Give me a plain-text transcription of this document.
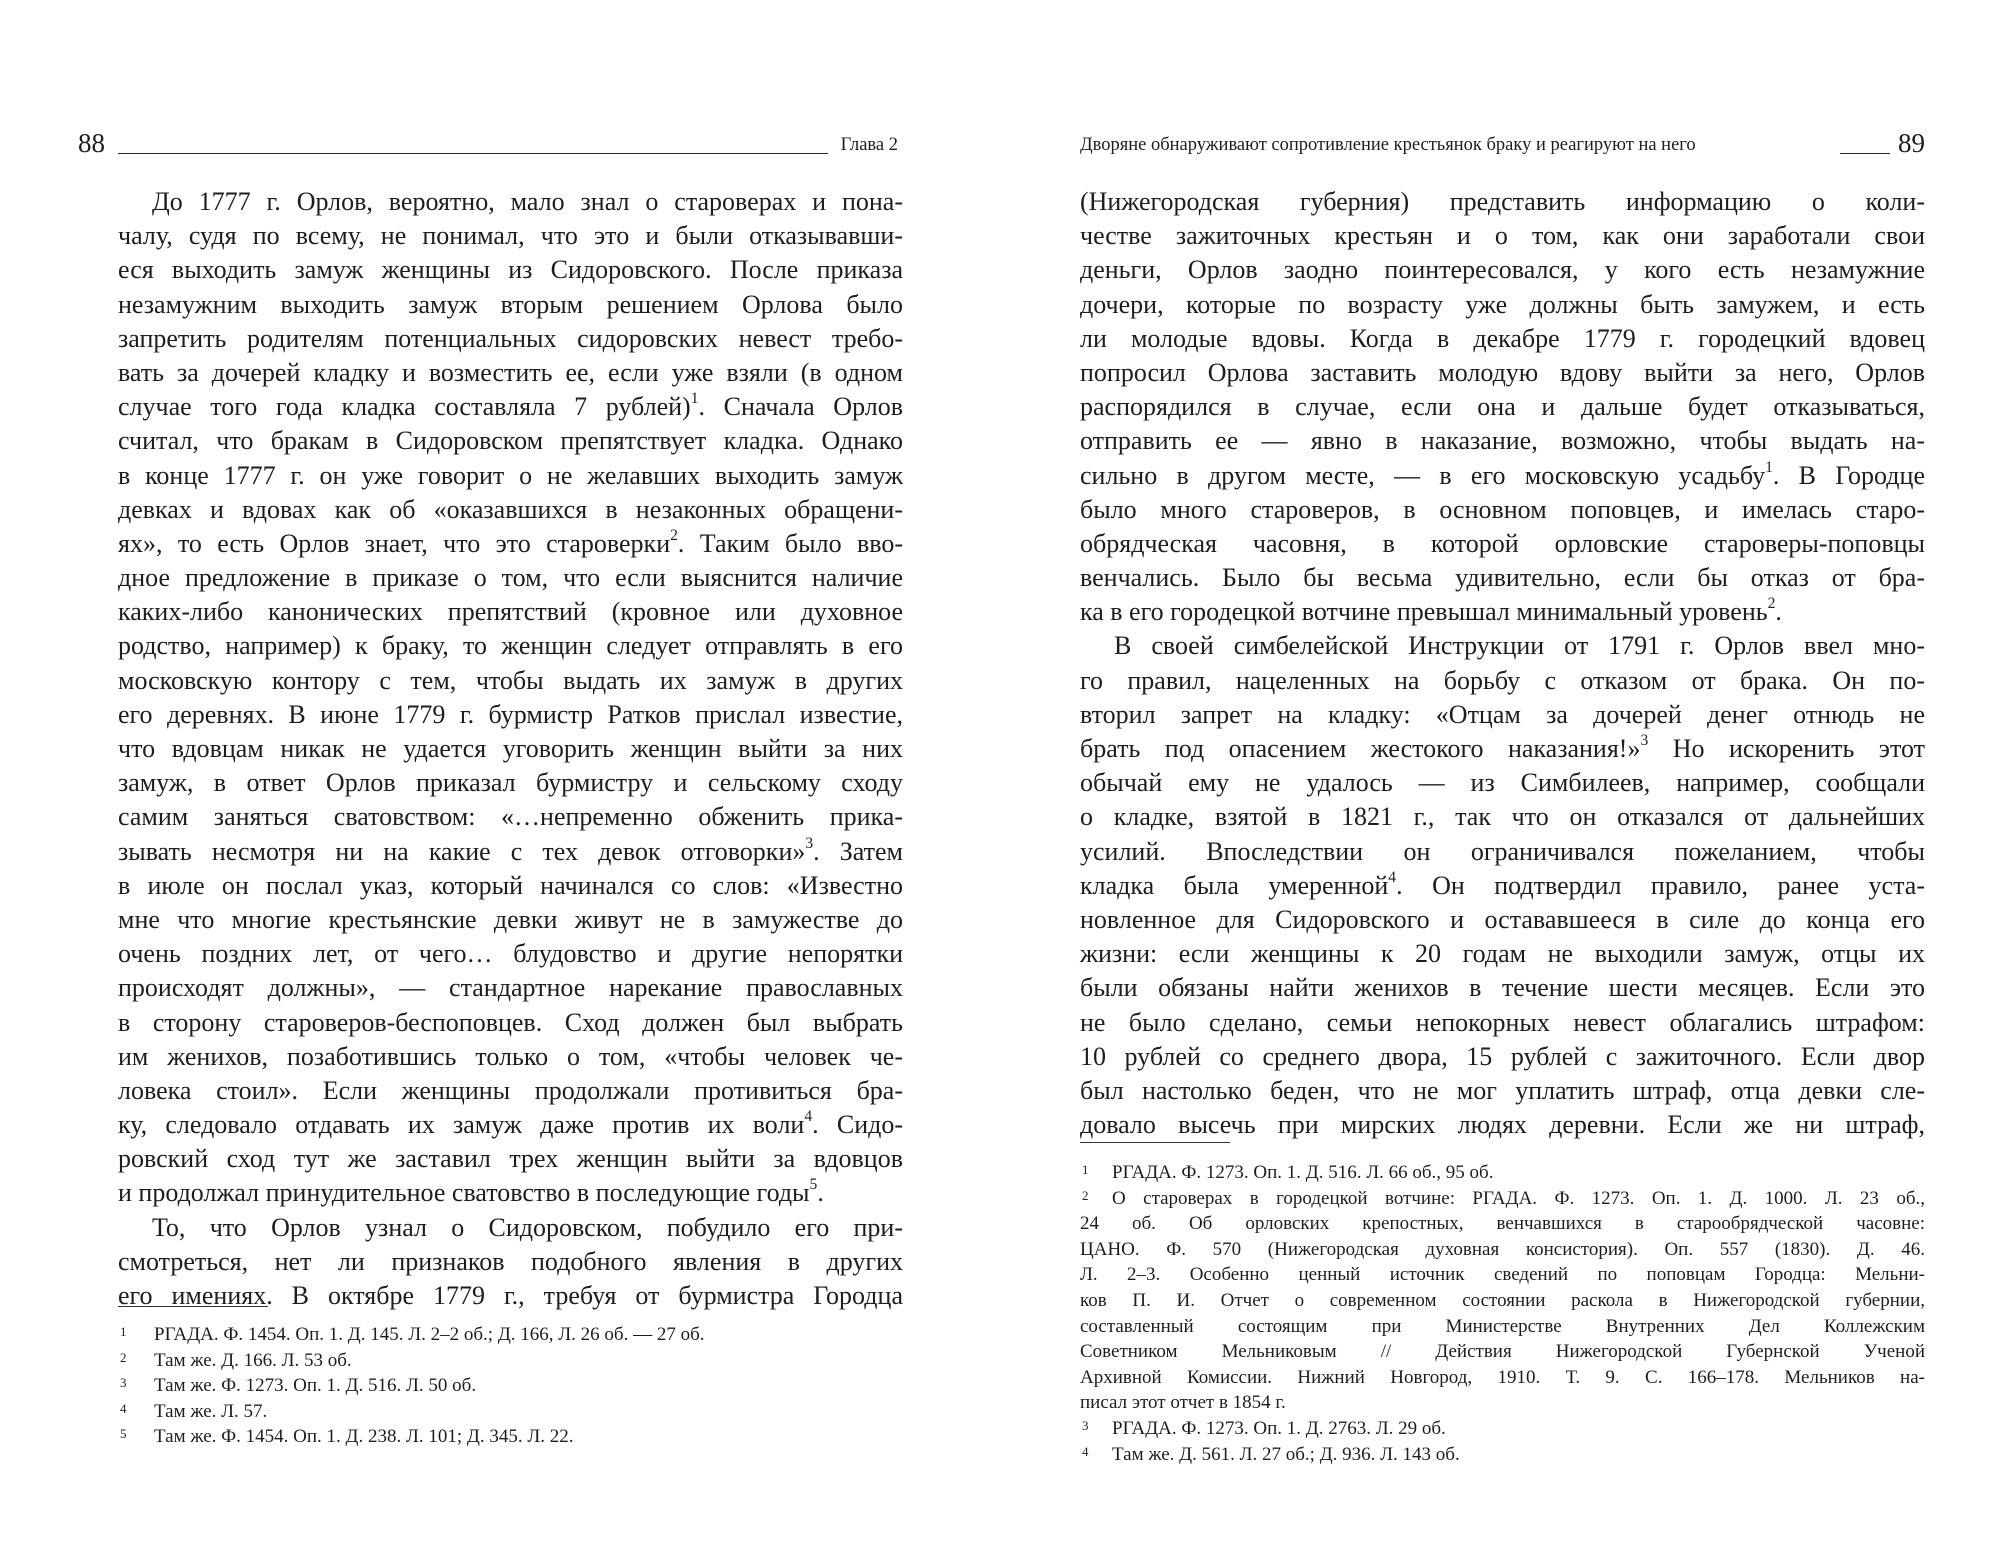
88	Глава 2
До 1777 г. Орлов, вероятно, мало знал о староверах и пона-
чалу, судя по всему, не понимал, что это и были отказывавши-
еся выходить замуж женщины из Сидоровского. После приказа
незамужним выходить замуж вторым решением Орлова было
запретить родителям потенциальных сидоровских невест требо-
вать за дочерей кладку и возместить ее, если уже взяли (в одном
случае того года кладка составляла 7 рублей)$^1$. Сначала Орлов
считал, что бракам в Сидоровском препятствует кладка. Однако
в конце 1777 г. он уже говорит о не желавших выходить замуж
девках и вдовах как об «оказавшихся в незаконных обращени-
ях», то есть Орлов знает, что это староверки$^2$. Таким было вво-
дное предложение в приказе о том, что если выяснится наличие
каких-либо канонических препятствий (кровное или духовное
родство, например) к браку, то женщин следует отправлять в его
московскую контору с тем, чтобы выдать их замуж в других
его деревнях. В июне 1779 г. бурмистр Ратков прислал известие,
что вдовцам никак не удается уговорить женщин выйти за них
замуж, в ответ Орлов приказал бурмистру и сельскому сходу
самим заняться сватовством: «…непременно обженить прика-
зывать несмотря ни на какие с тех девок отговорки»$^3$. Затем
в июле он послал указ, который начинался со слов: «Известно
мне что многие крестьянские девки живут не в замужестве до
очень поздних лет, от чего… блудовство и другие непорятки
происходят должны», — стандартное нарекание православных
в сторону староверов-беспоповцев. Сход должен был выбрать
им женихов, позаботившись только о том, «чтобы человек че-
ловека стоил». Если женщины продолжали противиться бра-
ку, следовало отдавать их замуж даже против их воли$^4$. Сидо-
ровский сход тут же заставил трех женщин выйти за вдовцов
и продолжал принудительное сватовство в последующие годы$^5$.
То, что Орлов узнал о Сидоровском, побудило его при-
смотреться, нет ли признаков подобного явления в других
его имениях. В октябре 1779 г., требуя от бурмистра Городца
1 РГАДА. Ф. 1454. Оп. 1. Д. 145. Л. 2–2 об.; Д. 166, Л. 26 об. — 27 об.
2 Там же. Д. 166. Л. 53 об.
3 Там же. Ф. 1273. Оп. 1. Д. 516. Л. 50 об.
4 Там же. Л. 57.
5 Там же. Ф. 1454. Оп. 1. Д. 238. Л. 101; Д. 345. Л. 22.
Дворяне обнаруживают сопротивление крестьянок браку и реагируют на него	89
(Нижегородская губерния) представить информацию о коли-
честве зажиточных крестьян и о том, как они заработали свои
деньги, Орлов заодно поинтересовался, у кого есть незамужние
дочери, которые по возрасту уже должны быть замужем, и есть
ли молодые вдовы. Когда в декабре 1779 г. городецкий вдовец
попросил Орлова заставить молодую вдову выйти за него, Орлов
распорядился в случае, если она и дальше будет отказываться,
отправить ее — явно в наказание, возможно, чтобы выдать на-
сильно в другом месте, — в его московскую усадьбу$^1$. В Городце
было много староверов, в основном поповцев, и имелась старо-
обрядческая часовня, в которой орловские староверы-поповцы
венчались. Было бы весьма удивительно, если бы отказ от бра-
ка в его городецкой вотчине превышал минимальный уровень$^2$.
В своей симбелейской Инструкции от 1791 г. Орлов ввел мно-
го правил, нацеленных на борьбу с отказом от брака. Он по-
вторил запрет на кладку: «Отцам за дочерей денег отнюдь не
брать под опасением жестокого наказания!»$^3$ Но искоренить этот
обычай ему не удалось — из Симбилеев, например, сообщали
о кладке, взятой в 1821 г., так что он отказался от дальнейших
усилий. Впоследствии он ограничивался пожеланием, чтобы
кладка была умеренной$^4$. Он подтвердил правило, ранее уста-
новленное для Сидоровского и остававшееся в силе до конца его
жизни: если женщины к 20 годам не выходили замуж, отцы их
были обязаны найти женихов в течение шести месяцев. Если это
не было сделано, семьи непокорных невест облагались штрафом:
10 рублей со среднего двора, 15 рублей с зажиточного. Если двор
был настолько беден, что не мог уплатить штраф, отца девки сле-
довало высечь при мирских людях деревни. Если же ни штраф,
1 РГАДА. Ф. 1273. Оп. 1. Д. 516. Л. 66 об., 95 об.
2 О староверах в городецкой вотчине: РГАДА. Ф. 1273. Оп. 1. Д. 1000. Л. 23 об.,
24 об. Об орловских крепостных, венчавшихся в старообрядческой часовне:
ЦАНО. Ф. 570 (Нижегородская духовная консистория). Оп. 557 (1830). Д. 46.
Л. 2–3. Особенно ценный источник сведений по поповцам Городца: Мельни-
ков П. И. Отчет о современном состоянии раскола в Нижегородской губернии,
составленный состоящим при Министерстве Внутренних Дел Коллежским
Советником Мельниковым // Действия Нижегородской Губернской Ученой
Архивной Комиссии. Нижний Новгород, 1910. Т. 9. С. 166–178. Мельников на-
писал этот отчет в 1854 г.
3 РГАДА. Ф. 1273. Оп. 1. Д. 2763. Л. 29 об.
4 Там же. Д. 561. Л. 27 об.; Д. 936. Л. 143 об.
